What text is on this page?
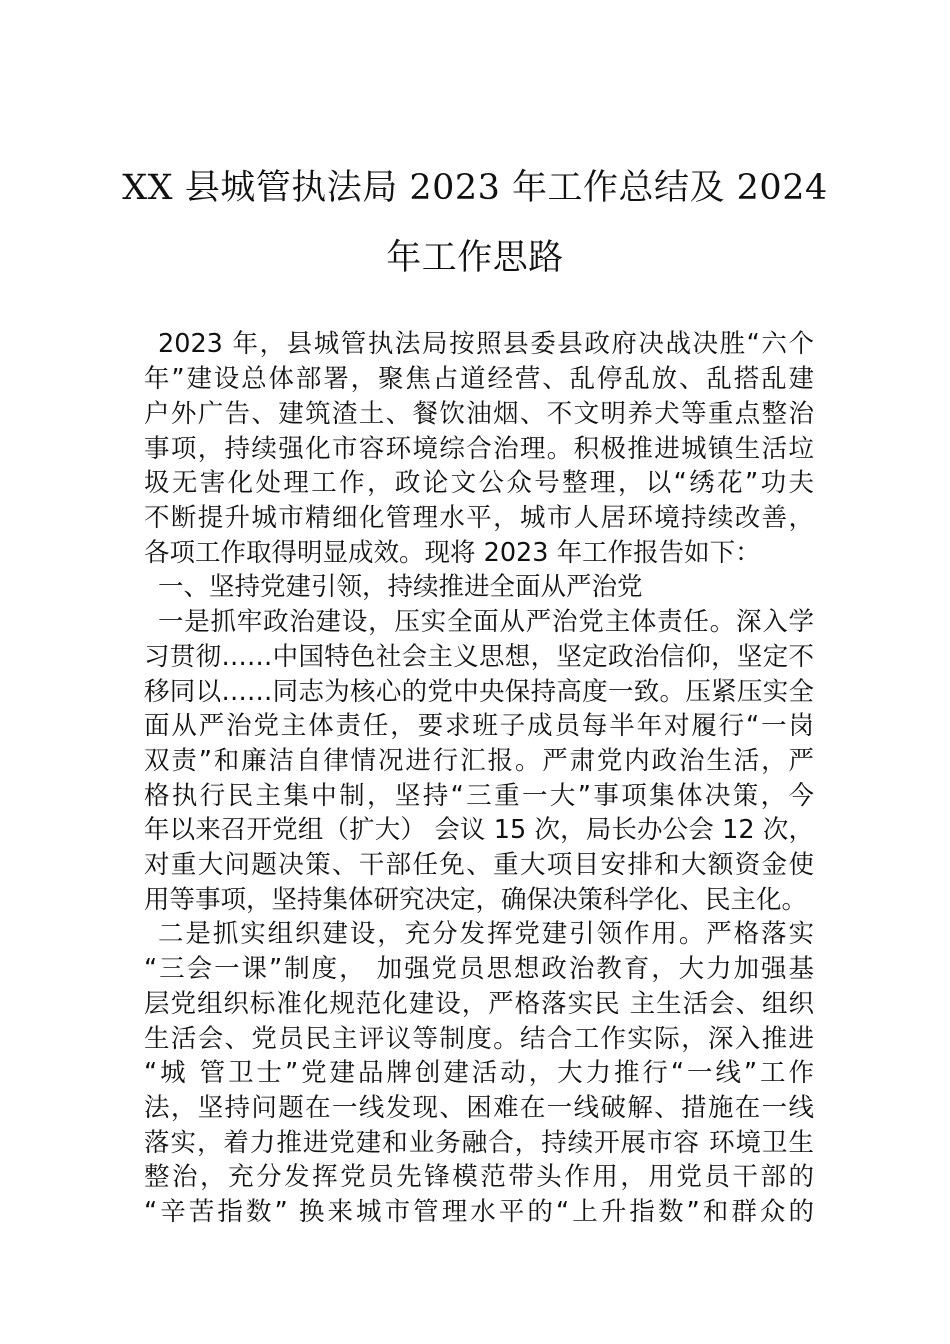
XX 县城管执法局 2023 年工作总结及 2024
年工作思路
2023 年，县城管执法局按照县委县政府决战决胜“六个
年”建设总体部署，聚焦占道经营、乱停乱放、乱搭乱建
户外广告、建筑渣土、餐饮油烟、不文明养犬等重点整治
事项，持续强化市容环境综合治理。积极推进城镇生活垃
圾无害化处理工作，政论文公众号整理，以“绣花”功夫
不断提升城市精细化管理水平，城市人居环境持续改善，
各项工作取得明显成效。现将 2023 年工作报告如下：
一、坚持党建引领，持续推进全面从严治党
一是抓牢政治建设，压实全面从严治党主体责任。深入学
习贯彻……中国特色社会主义思想，坚定政治信仰，坚定不
移同以……同志为核心的党中央保持高度一致。压紧压实全
面从严治党主体责任，要求班子成员每半年对履行“一岗
双责”和廉洁自律情况进行汇报。严肃党内政治生活，严
格执行民主集中制，坚持“三重一大”事项集体决策，今
年以来召开党组（扩大） 会议 15 次，局长办公会 12 次，
对重大问题决策、干部任免、重大项目安排和大额资金使
用等事项，坚持集体研究决定，确保决策科学化、民主化。
二是抓实组织建设，充分发挥党建引领作用。严格落实
“三会一课”制度， 加强党员思想政治教育，大力加强基
层党组织标准化规范化建设，严格落实民 主生活会、组织
生活会、党员民主评议等制度。结合工作实际，深入推进
“城 管卫士”党建品牌创建活动，大力推行“一线”工作
法，坚持问题在一线发现、困难在一线破解、措施在一线
落实，着力推进党建和业务融合，持续开展市容 环境卫生
整治，充分发挥党员先锋模范带头作用，用党员干部的
“辛苦指数” 换来城市管理水平的“上升指数”和群众的
